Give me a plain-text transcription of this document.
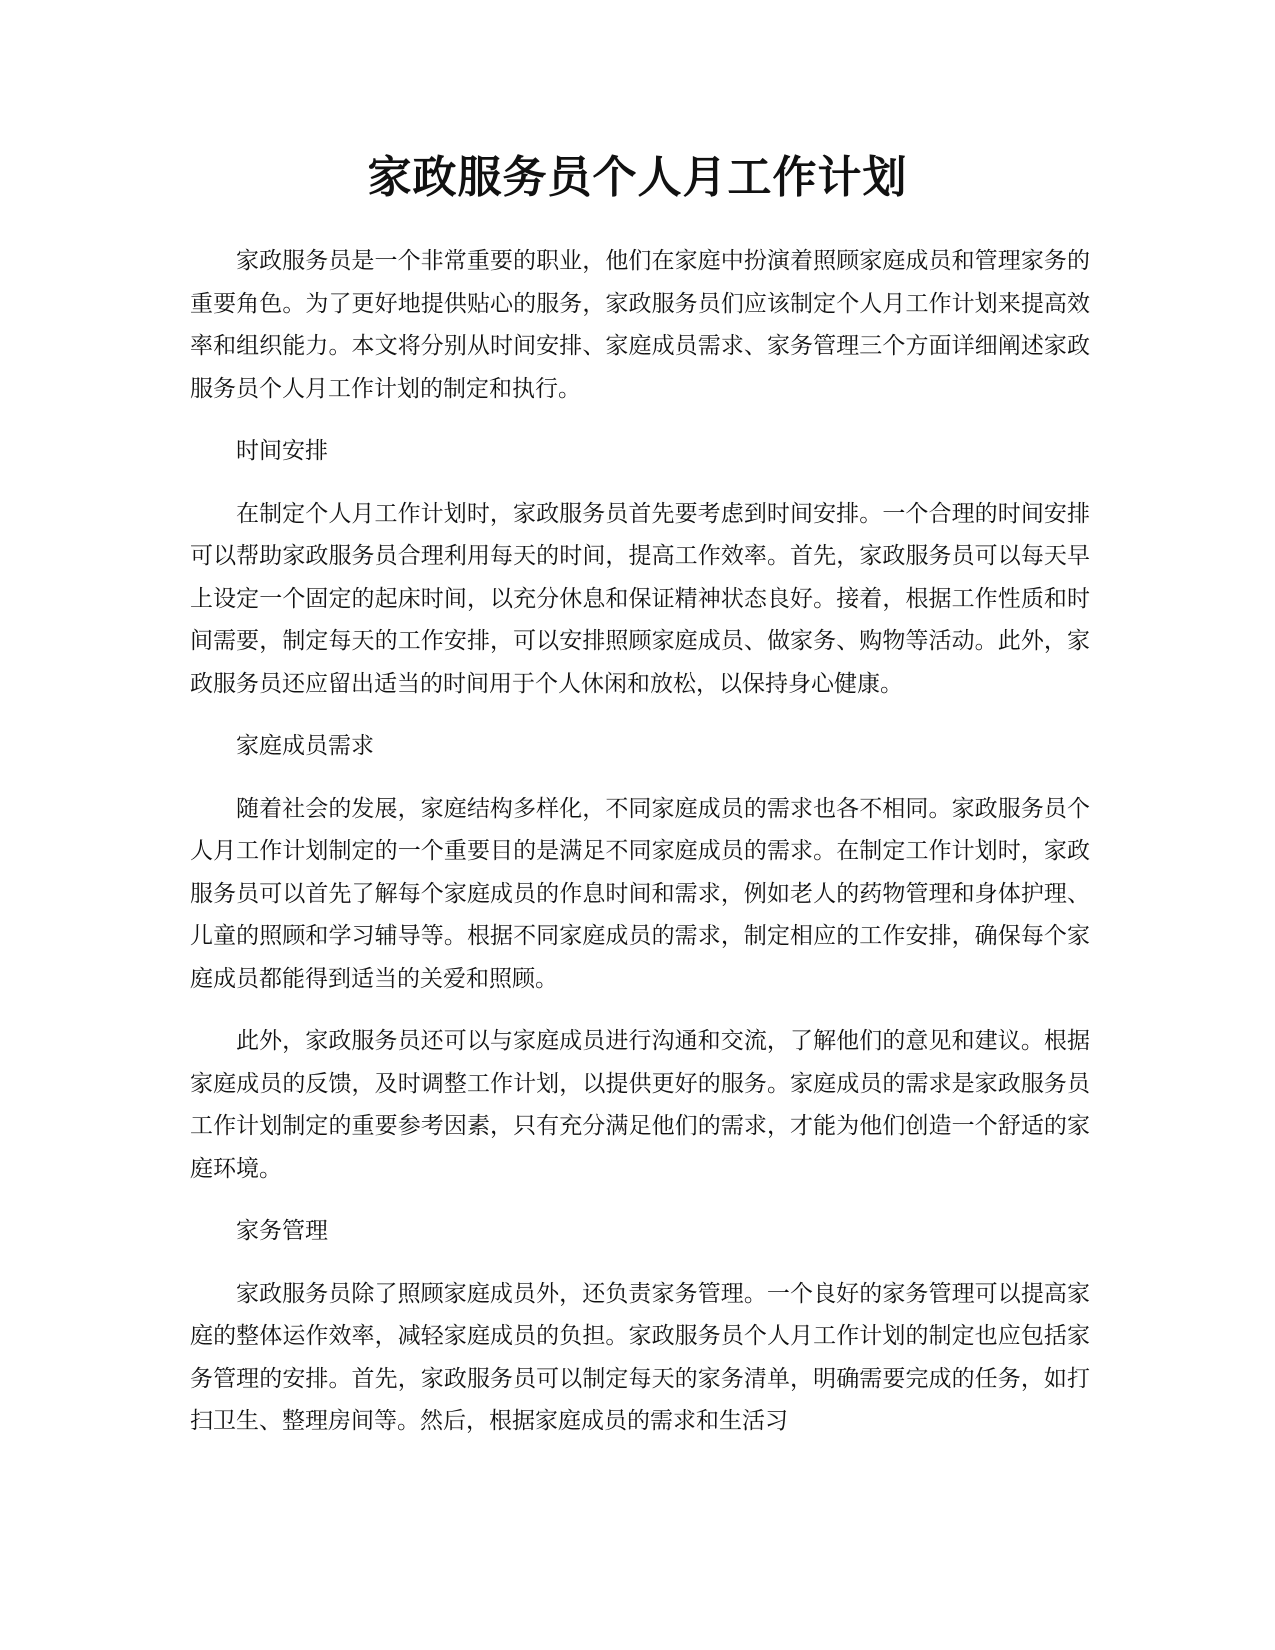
家政服务员个人月工作计划

家政服务员是一个非常重要的职业，他们在家庭中扮演着照顾家庭成员和管理家务的重要角色。为了更好地提供贴心的服务，家政服务员们应该制定个人月工作计划来提高效率和组织能力。本文将分别从时间安排、家庭成员需求、家务管理三个方面详细阐述家政服务员个人月工作计划的制定和执行。

时间安排

在制定个人月工作计划时，家政服务员首先要考虑到时间安排。一个合理的时间安排可以帮助家政服务员合理利用每天的时间，提高工作效率。首先，家政服务员可以每天早上设定一个固定的起床时间，以充分休息和保证精神状态良好。接着，根据工作性质和时间需要，制定每天的工作安排，可以安排照顾家庭成员、做家务、购物等活动。此外，家政服务员还应留出适当的时间用于个人休闲和放松，以保持身心健康。

家庭成员需求

随着社会的发展，家庭结构多样化，不同家庭成员的需求也各不相同。家政服务员个人月工作计划制定的一个重要目的是满足不同家庭成员的需求。在制定工作计划时，家政服务员可以首先了解每个家庭成员的作息时间和需求，例如老人的药物管理和身体护理、儿童的照顾和学习辅导等。根据不同家庭成员的需求，制定相应的工作安排，确保每个家庭成员都能得到适当的关爱和照顾。

此外，家政服务员还可以与家庭成员进行沟通和交流，了解他们的意见和建议。根据家庭成员的反馈，及时调整工作计划，以提供更好的服务。家庭成员的需求是家政服务员工作计划制定的重要参考因素，只有充分满足他们的需求，才能为他们创造一个舒适的家庭环境。

家务管理

家政服务员除了照顾家庭成员外，还负责家务管理。一个良好的家务管理可以提高家庭的整体运作效率，减轻家庭成员的负担。家政服务员个人月工作计划的制定也应包括家务管理的安排。首先，家政服务员可以制定每天的家务清单，明确需要完成的任务，如打扫卫生、整理房间等。然后，根据家庭成员的需求和生活习
